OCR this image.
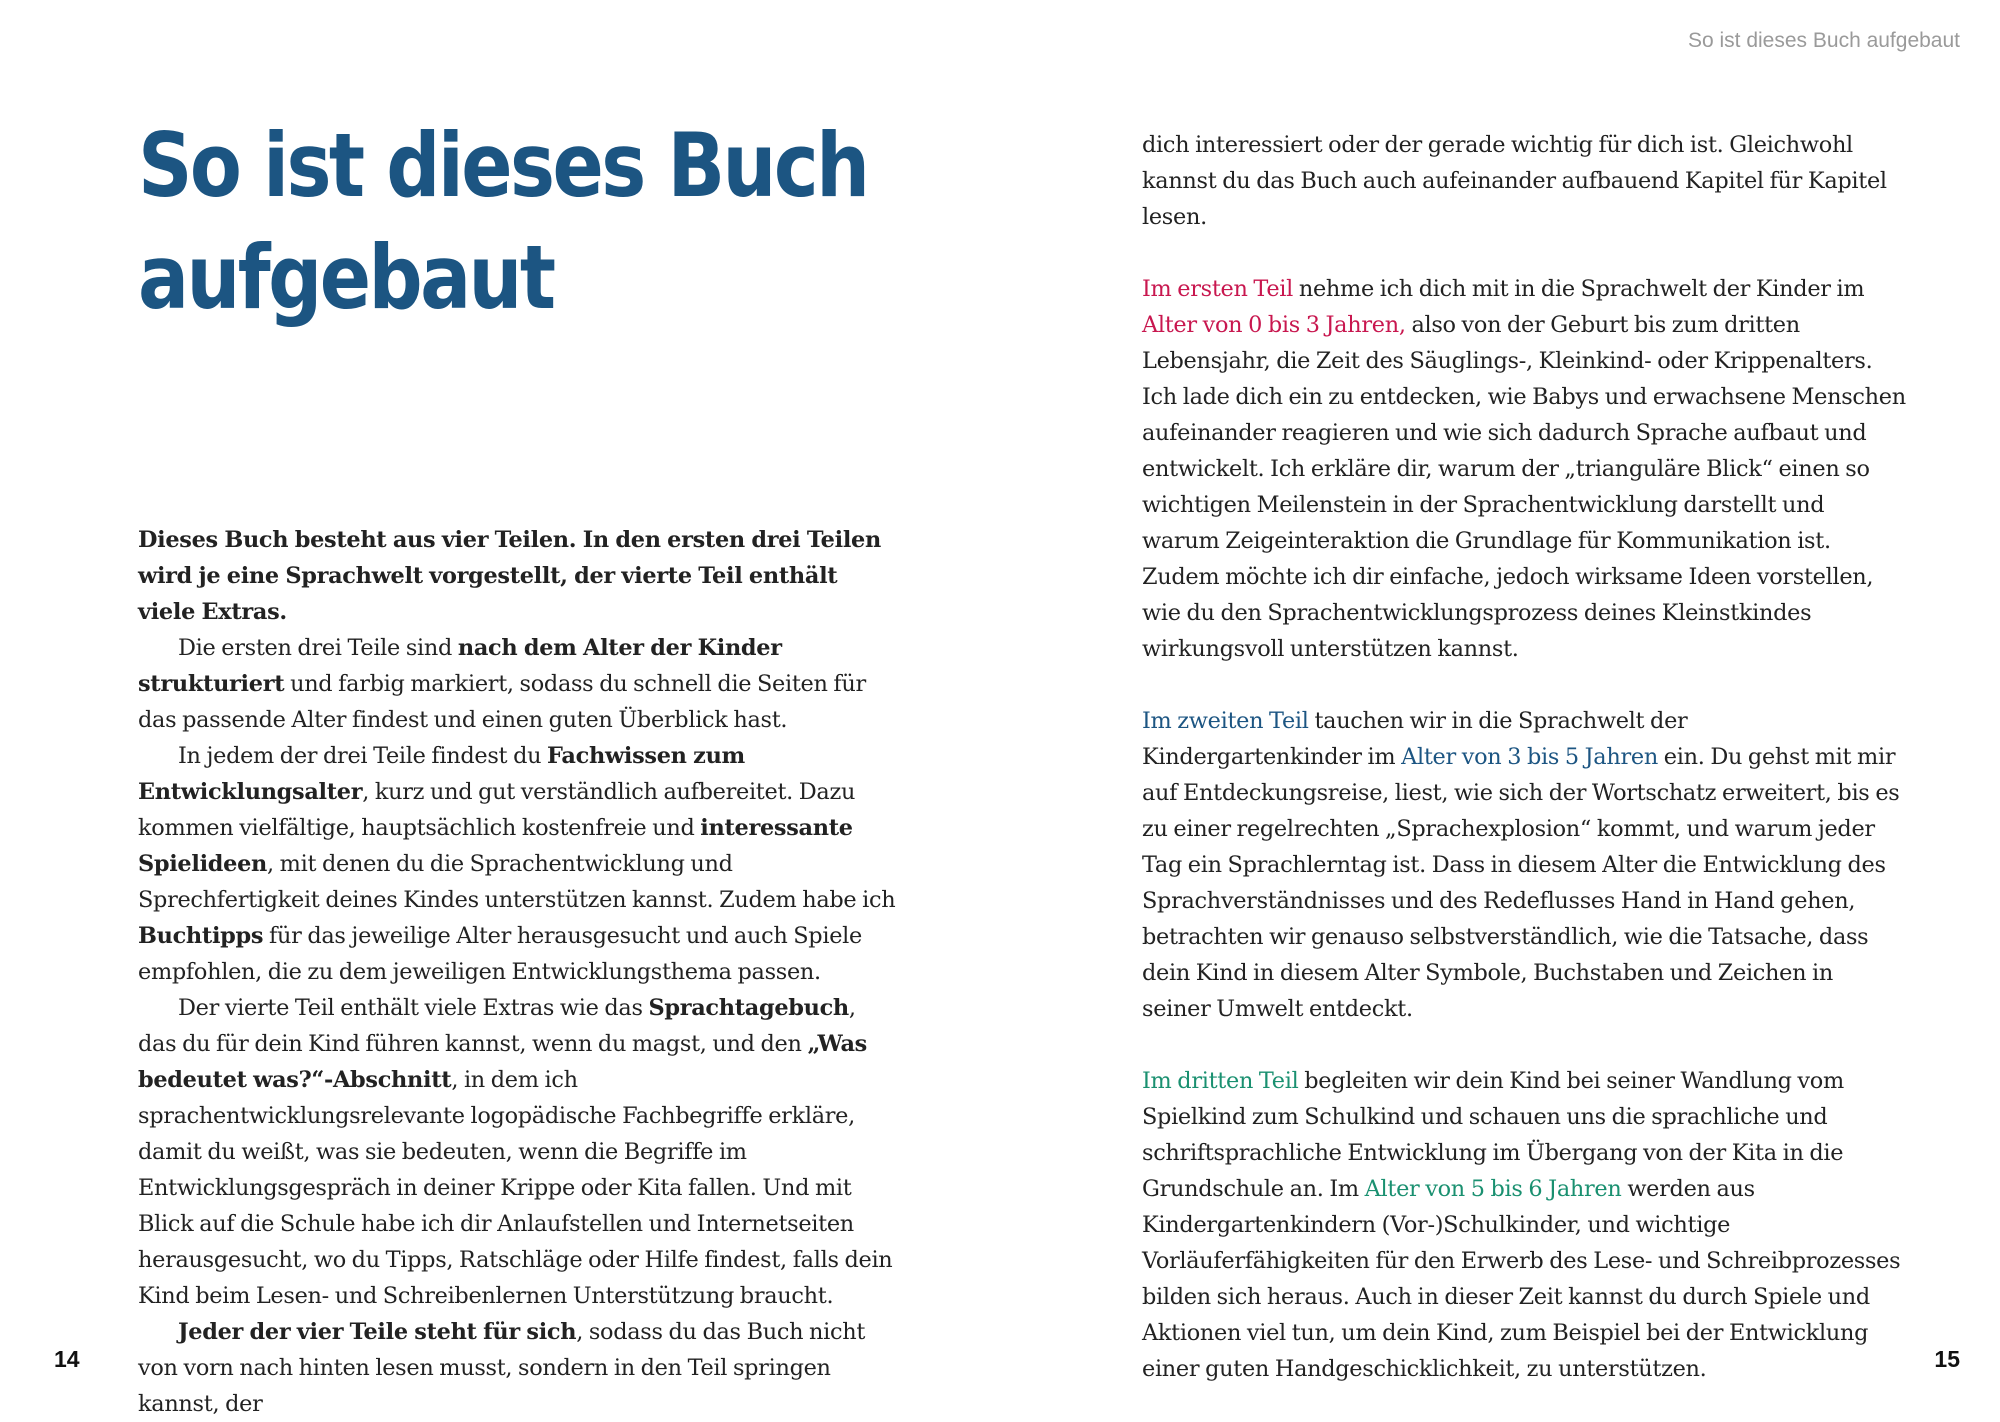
So ist dieses Buch aufgebaut
So ist dieses Buch
aufgebaut

Dieses Buch besteht aus vier Teilen. In den ersten drei Teilen wird je eine Sprachwelt vorgestellt, der vierte Teil enthält viele Extras.

Die ersten drei Teile sind nach dem Alter der Kinder strukturiert und farbig markiert, sodass du schnell die Seiten für das passende Alter findest und einen guten Überblick hast.

In jedem der drei Teile findest du Fachwissen zum Entwicklungsalter, kurz und gut verständlich aufbereitet. Dazu kommen vielfältige, hauptsächlich kostenfreie und interessante Spielideen, mit denen du die Sprachentwicklung und Sprechfertigkeit deines Kindes unterstützen kannst. Zudem habe ich Buchtipps für das jeweilige Alter herausgesucht und auch Spiele empfohlen, die zu dem jeweiligen Entwicklungsthema passen.

Der vierte Teil enthält viele Extras wie das Sprachtagebuch, das du für dein Kind führen kannst, wenn du magst, und den „Was bedeutet was?“-Abschnitt, in dem ich sprachentwicklungsrelevante logopädische Fachbegriffe erkläre, damit du weißt, was sie bedeuten, wenn die Begriffe im Entwicklungsgespräch in deiner Krippe oder Kita fallen. Und mit Blick auf die Schule habe ich dir Anlaufstellen und Internetseiten herausgesucht, wo du Tipps, Ratschläge oder Hilfe findest, falls dein Kind beim Lesen- und Schreibenlernen Unterstützung braucht.

Jeder der vier Teile steht für sich, sodass du das Buch nicht von vorn nach hinten lesen musst, sondern in den Teil springen kannst, der

dich interessiert oder der gerade wichtig für dich ist. Gleichwohl kannst du das Buch auch aufeinander aufbauend Kapitel für Kapitel lesen.

Im ersten Teil nehme ich dich mit in die Sprachwelt der Kinder im Alter von 0 bis 3 Jahren, also von der Geburt bis zum dritten Lebensjahr, die Zeit des Säuglings-, Kleinkind- oder Krippenalters. Ich lade dich ein zu entdecken, wie Babys und erwachsene Menschen aufeinander reagieren und wie sich dadurch Sprache aufbaut und entwickelt. Ich erkläre dir, warum der „trianguläre Blick“ einen so wichtigen Meilenstein in der Sprachentwicklung darstellt und warum Zeigeinteraktion die Grundlage für Kommunikation ist. Zudem möchte ich dir einfache, jedoch wirksame Ideen vorstellen, wie du den Sprachentwicklungsprozess deines Kleinstkindes wirkungsvoll unterstützen kannst.

Im zweiten Teil tauchen wir in die Sprachwelt der Kindergartenkinder im Alter von 3 bis 5 Jahren ein. Du gehst mit mir auf Entdeckungsreise, liest, wie sich der Wortschatz erweitert, bis es zu einer regelrechten „Sprachexplosion“ kommt, und warum jeder Tag ein Sprachlerntag ist. Dass in diesem Alter die Entwicklung des Sprachverständnisses und des Redeflusses Hand in Hand gehen, betrachten wir genauso selbstverständlich, wie die Tatsache, dass dein Kind in diesem Alter Symbole, Buchstaben und Zeichen in seiner Umwelt entdeckt.

Im dritten Teil begleiten wir dein Kind bei seiner Wandlung vom Spielkind zum Schulkind und schauen uns die sprachliche und schriftsprachliche Entwicklung im Übergang von der Kita in die Grundschule an. Im Alter von 5 bis 6 Jahren werden aus Kindergartenkindern (Vor-)Schulkinder, und wichtige Vorläuferfähigkeiten für den Erwerb des Lese- und Schreibprozesses bilden sich heraus. Auch in dieser Zeit kannst du durch Spiele und Aktionen viel tun, um dein Kind, zum Beispiel bei der Entwicklung einer guten Handgeschicklichkeit, zu unterstützen.

14	15
